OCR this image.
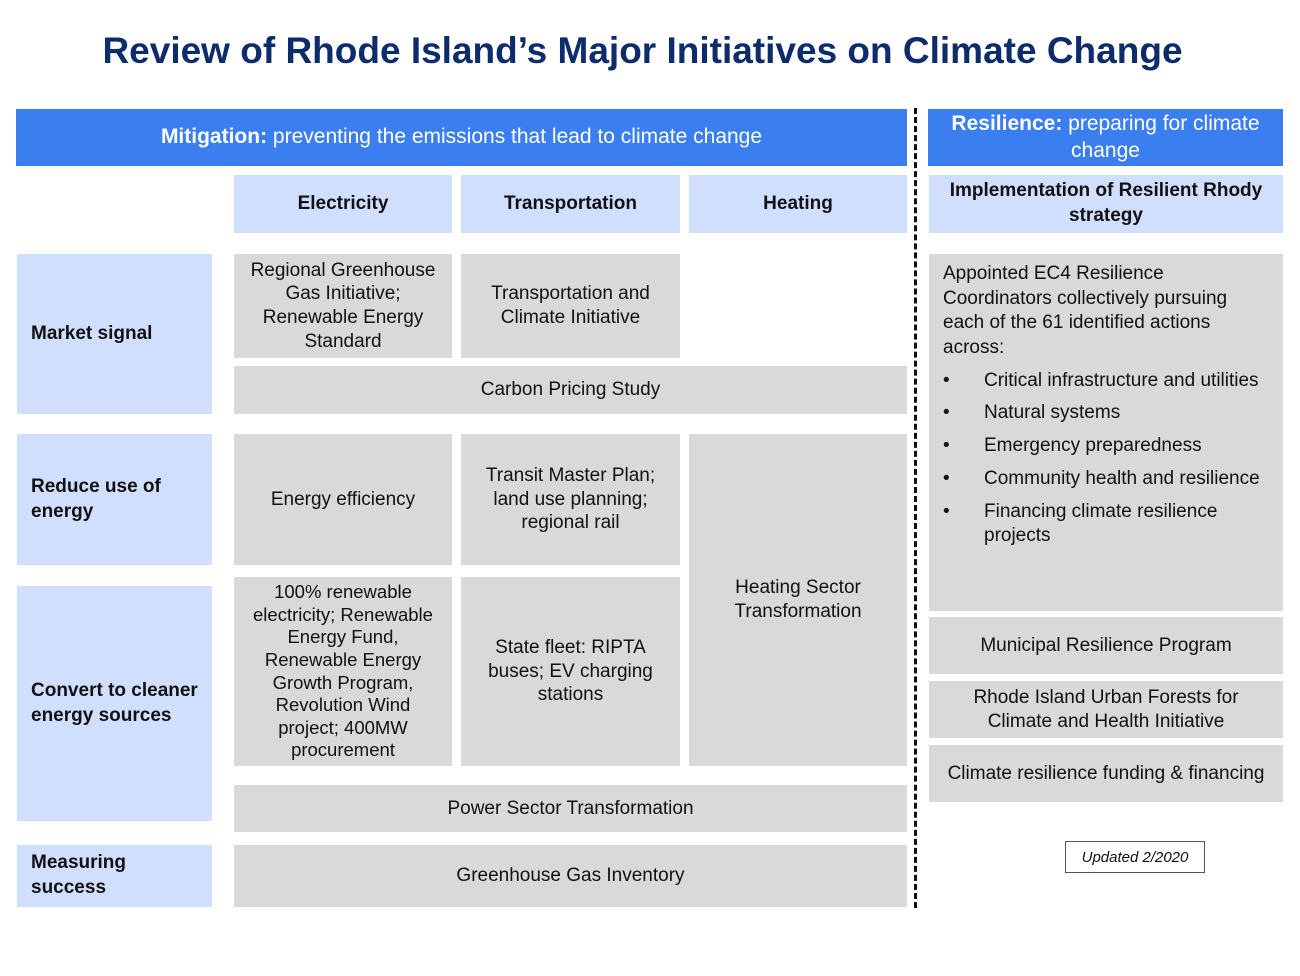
Review of Rhode Island’s Major Initiatives on Climate Change
Mitigation: preventing the emissions that lead to climate change
Resilience: preparing for climate change
Electricity	Transportation	Heating
Implementation of Resilient Rhody strategy
Market signal
Reduce use of energy
Convert to cleaner energy sources
Measuring success
Regional Greenhouse Gas Initiative; Renewable Energy Standard
Transportation and Climate Initiative
Carbon Pricing Study
Energy efficiency
Transit Master Plan; land use planning; regional rail
Heating Sector Transformation
100% renewable electricity; Renewable Energy Fund, Renewable Energy Growth Program, Revolution Wind project; 400MW procurement
State fleet: RIPTA buses; EV charging stations
Power Sector Transformation
Greenhouse Gas Inventory
Appointed EC4 Resilience Coordinators collectively pursuing each of the 61 identified actions across:
• Critical infrastructure and utilities
• Natural systems
• Emergency preparedness
• Community health and resilience
• Financing climate resilience projects
Municipal Resilience Program
Rhode Island Urban Forests for Climate and Health Initiative
Climate resilience funding & financing
Updated 2/2020
